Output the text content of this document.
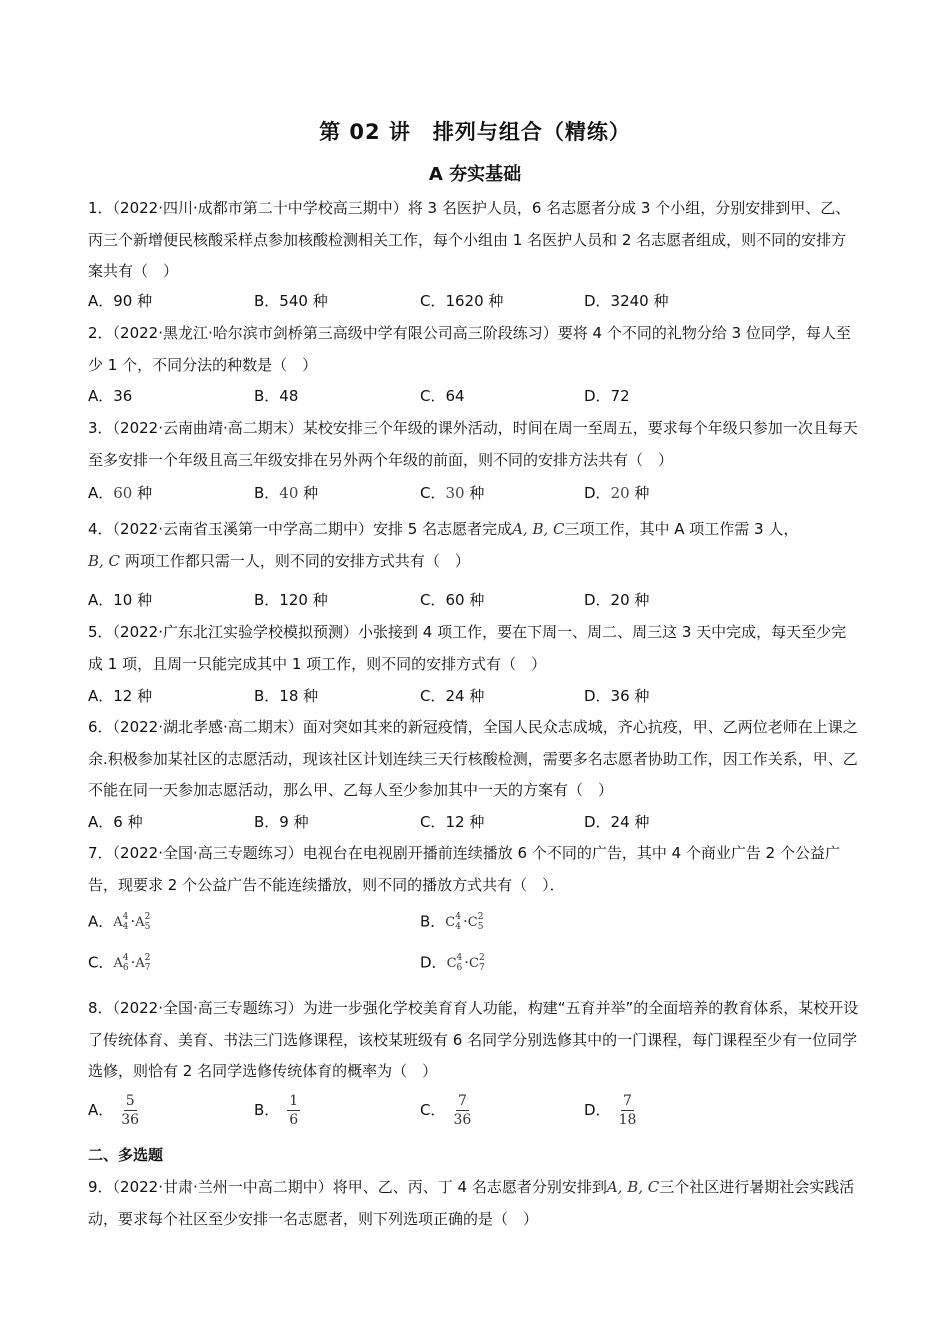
第 02 讲　排列与组合（精练）
A 夯实基础
1．（2022·四川·成都市第二十中学校高三期中）将 3 名医护人员，6 名志愿者分成 3 个小组，分别安排到甲、乙、丙三个新增便民核酸采样点参加核酸检测相关工作，每个小组由 1 名医护人员和 2 名志愿者组成，则不同的安排方案共有（　）
A．90 种	B．540 种	C．1620 种	D．3240 种
2．（2022·黑龙江·哈尔滨市剑桥第三高级中学有限公司高三阶段练习）要将 4 个不同的礼物分给 3 位同学，每人至少 1 个，不同分法的种数是（　）
A．36	B．48	C．64	D．72
3．（2022·云南曲靖·高二期末）某校安排三个年级的课外活动，时间在周一至周五，要求每个年级只参加一次且每天至多安排一个年级且高三年级安排在另外两个年级的前面，则不同的安排方法共有（　）
A．60 种	B．40 种	C．30 种	D．20 种
4．（2022·云南省玉溪第一中学高二期中）安排 5 名志愿者完成A, B, C三项工作，其中 A 项工作需 3 人，
B, C 两项工作都只需一人，则不同的安排方式共有（　）
A．10 种	B．120 种	C．60 种	D．20 种
5．（2022·广东北江实验学校模拟预测）小张接到 4 项工作，要在下周一、周二、周三这 3 天中完成，每天至少完成 1 项，且周一只能完成其中 1 项工作，则不同的安排方式有（　）
A．12 种	B．18 种	C．24 种	D．36 种
6．（2022·湖北孝感·高二期末）面对突如其来的新冠疫情，全国人民众志成城，齐心抗疫，甲、乙两位老师在上课之余.积极参加某社区的志愿活动，现该社区计划连续三天行核酸检测，需要多名志愿者协助工作，因工作关系，甲、乙不能在同一天参加志愿活动，那么甲、乙每人至少参加其中一天的方案有（　）
A．6 种	B．9 种	C．12 种	D．24 种
7．（2022·全国·高三专题练习）电视台在电视剧开播前连续播放 6 个不同的广告，其中 4 个商业广告 2 个公益广告，现要求 2 个公益广告不能连续播放，则不同的播放方式共有（　）．
A．A 4
4 ·A 2
5	B．C 4
4 ·C 2
5
C．A 4
6 ·A 2
7	D．C 4
6 ·C 2
7
8．（2022·全国·高三专题练习）为进一步强化学校美育育人功能，构建“五育并举”的全面培养的教育体系，某校开设了传统体育、美育、书法三门选修课程，该校某班级有 6 名同学分别选修其中的一门课程，每门课程至少有一位同学选修，则恰有 2 名同学选修传统体育的概率为（　）
A． $\frac{5}{36}$	B． $\frac{1}{6}$	C． $\frac{7}{36}$	D． $\frac{7}{18}$
二、多选题
9．（2022·甘肃·兰州一中高二期中）将甲、乙、丙、丁 4 名志愿者分别安排到A, B, C三个社区进行暑期社会实践活动，要求每个社区至少安排一名志愿者，则下列选项正确的是（　）
